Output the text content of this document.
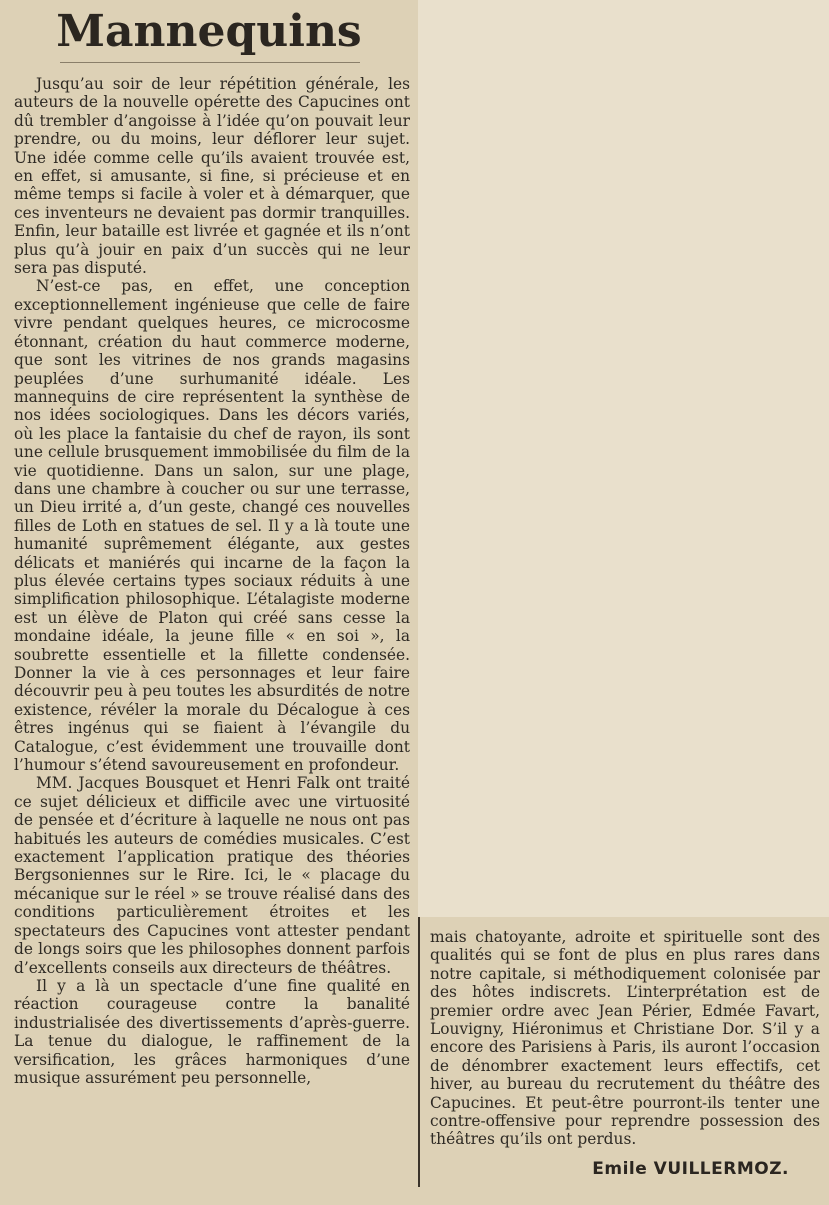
Mannequins

Jusqu’au soir de leur répétition générale, les auteurs de la nouvelle opérette des Capucines ont dû trembler d’angoisse à l’idée qu’on pouvait leur prendre, ou du moins, leur déflorer leur sujet. Une idée comme celle qu’ils avaient trouvée est, en effet, si amusante, si fine, si précieuse et en même temps si facile à voler et à démarquer, que ces inventeurs ne devaient pas dormir tranquilles. Enfin, leur bataille est livrée et gagnée et ils n’ont plus qu’à jouir en paix d’un succès qui ne leur sera pas disputé.

N’est-ce pas, en effet, une conception exceptionnellement ingénieuse que celle de faire vivre pendant quelques heures, ce microcosme étonnant, création du haut commerce moderne, que sont les vitrines de nos grands magasins peuplées d’une surhumanité idéale. Les mannequins de cire représentent la synthèse de nos idées sociologiques. Dans les décors variés, où les place la fantaisie du chef de rayon, ils sont une cellule brusquement immobilisée du film de la vie quotidienne. Dans un salon, sur une plage, dans une chambre à coucher ou sur une terrasse, un Dieu irrité a, d’un geste, changé ces nouvelles filles de Loth en statues de sel. Il y a là toute une humanité suprêmement élégante, aux gestes délicats et maniérés qui incarne de la façon la plus élevée certains types sociaux réduits à une simplification philosophique. L’étalagiste moderne est un élève de Platon qui créé sans cesse la mondaine idéale, la jeune fille « en soi », la soubrette essentielle et la fillette condensée. Donner la vie à ces personnages et leur faire découvrir peu à peu toutes les absurdités de notre existence, révéler la morale du Décalogue à ces êtres ingénus qui se fiaient à l’évangile du Catalogue, c’est évidemment une trouvaille dont l’humour s’étend savoureusement en profondeur.

MM. Jacques Bousquet et Henri Falk ont traité ce sujet délicieux et difficile avec une virtuosité de pensée et d’écriture à laquelle ne nous ont pas habitués les auteurs de comédies musicales. C’est exactement l’application pratique des théories Bergsoniennes sur le Rire. Ici, le « placage du mécanique sur le réel » se trouve réalisé dans des conditions particulièrement étroites et les spectateurs des Capucines vont attester pendant de longs soirs que les philosophes donnent parfois d’excellents conseils aux directeurs de théâtres.

Il y a là un spectacle d’une fine qualité en réaction courageuse contre la banalité industrialisée des divertissements d’après-guerre. La tenue du dialogue, le raffinement de la versification, les grâces harmoniques d’une musique assurément peu personnelle,

mais chatoyante, adroite et spirituelle sont des qualités qui se font de plus en plus rares dans notre capitale, si méthodiquement colonisée par des hôtes indiscrets. L’interprétation est de premier ordre avec Jean Périer, Edmée Favart, Louvigny, Hiéronimus et Christiane Dor. S’il y a encore des Parisiens à Paris, ils auront l’occasion de dénombrer exactement leurs effectifs, cet hiver, au bureau du recrutement du théâtre des Capucines. Et peut-être pourront-ils tenter une contre-offensive pour reprendre possession des théâtres qu’ils ont perdus.

Emile VUILLERMOZ.
